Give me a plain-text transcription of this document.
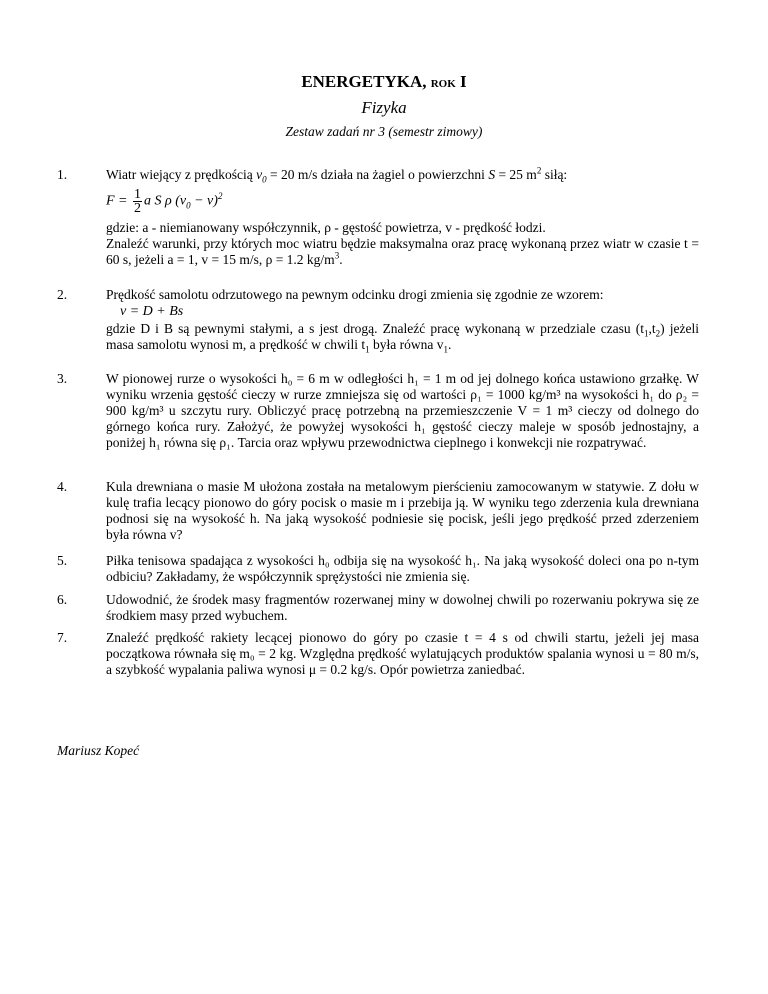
ENERGETYKA, ROK I
Fizyka
Zestaw zadań nr 3 (semestr zimowy)
1.	Wiatr wiejący z prędkością $v_0 = 20$ m/s działa na żagiel o powierzchni S = 25 $m^2$ siłą:

$F = \frac{1}{2}$ a S ρ $(v_0 - v)^2$

gdzie: a - niemianowany współczynnik, ρ - gęstość powietrza, v - prędkość łodzi.

Znaleźć warunki, przy których moc wiatru będzie maksymalna oraz pracę wykonaną przez wiatr w czasie t = 60 s, jeżeli a = 1, v = 15 m/s, ρ = 1.2 $kg/m^3$.

2.	Prędkość samolotu odrzutowego na pewnym odcinku drogi zmienia się zgodnie ze wzorem:

v = D + Bs

gdzie D i B są pewnymi stałymi, a s jest drogą. Znaleźć pracę wykonaną w przedziale czasu $(t_1,t_2)$ jeżeli masa samolotu wynosi m, a prędkość w chwili $t_1$ była równa $v_1$.

3.	W pionowej rurze o wysokości h₀ = 6 m w odległości h₁ = 1 m od jej dolnego końca ustawiono grzałkę. W wyniku wrzenia gęstość cieczy w rurze zmniejsza się od wartości ρ₁ = 1000 kg/m³ na wysokości h₁ do ρ₂ = 900 kg/m³ u szczytu rury. Obliczyć pracę potrzebną na przemieszczenie V = 1 m³ cieczy od dolnego do górnego końca rury. Założyć, że powyżej wysokości h₁ gęstość cieczy maleje w sposób jednostajny, a poniżej h₁ równa się ρ₁. Tarcia oraz wpływu przewodnictwa cieplnego i konwekcji nie rozpatrywać.

4.	Kula drewniana o masie M ułożona została na metalowym pierścieniu zamocowanym w statywie. Z dołu w kulę trafia lecący pionowo do góry pocisk o masie m i przebija ją. W wyniku tego zderzenia kula drewniana podnosi się na wysokość h. Na jaką wysokość podniesie się pocisk, jeśli jego prędkość przed zderzeniem była równa v?

5.	Piłka tenisowa spadająca z wysokości h₀ odbija się na wysokość h₁. Na jaką wysokość doleci ona po n-tym odbiciu? Zakładamy, że współczynnik sprężystości nie zmienia się.

6.	Udowodnić, że środek masy fragmentów rozerwanej miny w dowolnej chwili po rozerwaniu pokrywa się ze środkiem masy przed wybuchem.

7.	Znaleźć prędkość rakiety lecącej pionowo do góry po czasie t = 4 s od chwili startu, jeżeli jej masa początkowa równała się m₀ = 2 kg. Względna prędkość wylatujących produktów spalania wynosi u = 80 m/s, a szybkość wypalania paliwa wynosi μ = 0.2 kg/s. Opór powietrza zaniedbać.

Mariusz Kopeć
